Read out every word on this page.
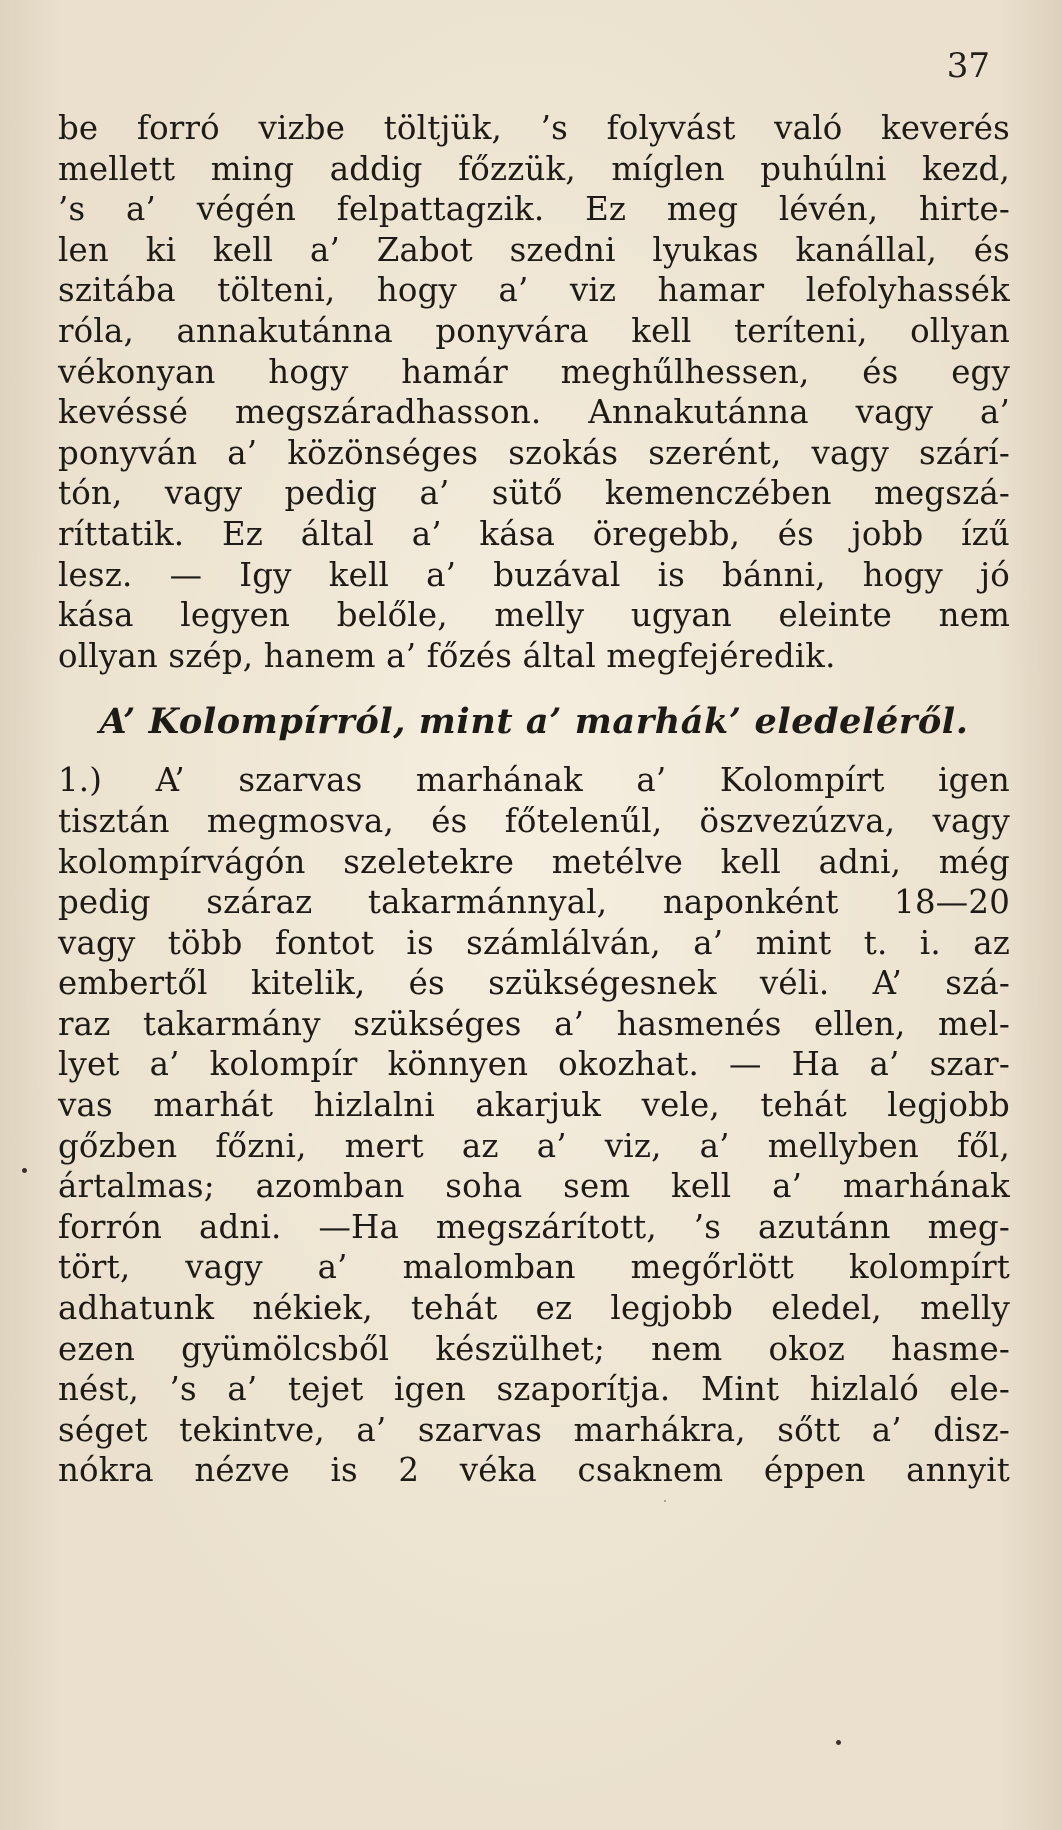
37
be forró vizbe töltjük, ’s folyvást való keverés
mellett ming addig főzzük, míglen puhúlni kezd,
’s a’ végén felpattagzik. Ez meg lévén, hirte-
len ki kell a’ Zabot szedni lyukas kanállal, és
szitába tölteni, hogy a’ viz hamar lefolyhassék
róla, annakutánna ponyvára kell teríteni, ollyan
vékonyan hogy hamár meghűlhessen, és egy
kevéssé megszáradhasson. Annakutánna vagy a’
ponyván a’ közönséges szokás szerént, vagy szárí-
tón, vagy pedig a’ sütő kemenczében megszá-
ríttatik. Ez által a’ kása öregebb, és jobb ízű
lesz. — Igy kell a’ buzával is bánni, hogy jó
kása legyen belőle, melly ugyan eleinte nem
ollyan szép, hanem a’ főzés által megfejéredik.
A’ Kolompírról, mint a’ marhák’ eledeléről.
1.) A’ szarvas marhának a’ Kolompírt igen
tisztán megmosva, és főtelenűl, öszvezúzva, vagy
kolompírvágón szeletekre metélve kell adni, még
pedig száraz takarmánnyal, naponként 18—20
vagy több fontot is számlálván, a’ mint t. i. az
embertől kitelik, és szükségesnek véli. A’ szá-
raz takarmány szükséges a’ hasmenés ellen, mel-
lyet a’ kolompír könnyen okozhat. — Ha a’ szar-
vas marhát hizlalni akarjuk vele, tehát legjobb
gőzben főzni, mert az a’ viz, a’ mellyben fől,
ártalmas; azomban soha sem kell a’ marhának
forrón adni. —Ha megszárított, ’s azutánn meg-
tört, vagy a’ malomban megőrlött kolompírt
adhatunk nékiek, tehát ez legjobb eledel, melly
ezen gyümölcsből készülhet; nem okoz hasme-
nést, ’s a’ tejet igen szaporítja. Mint hizlaló ele-
séget tekintve, a’ szarvas marhákra, sőtt a’ disz-
nókra nézve is 2 véka csaknem éppen annyit
